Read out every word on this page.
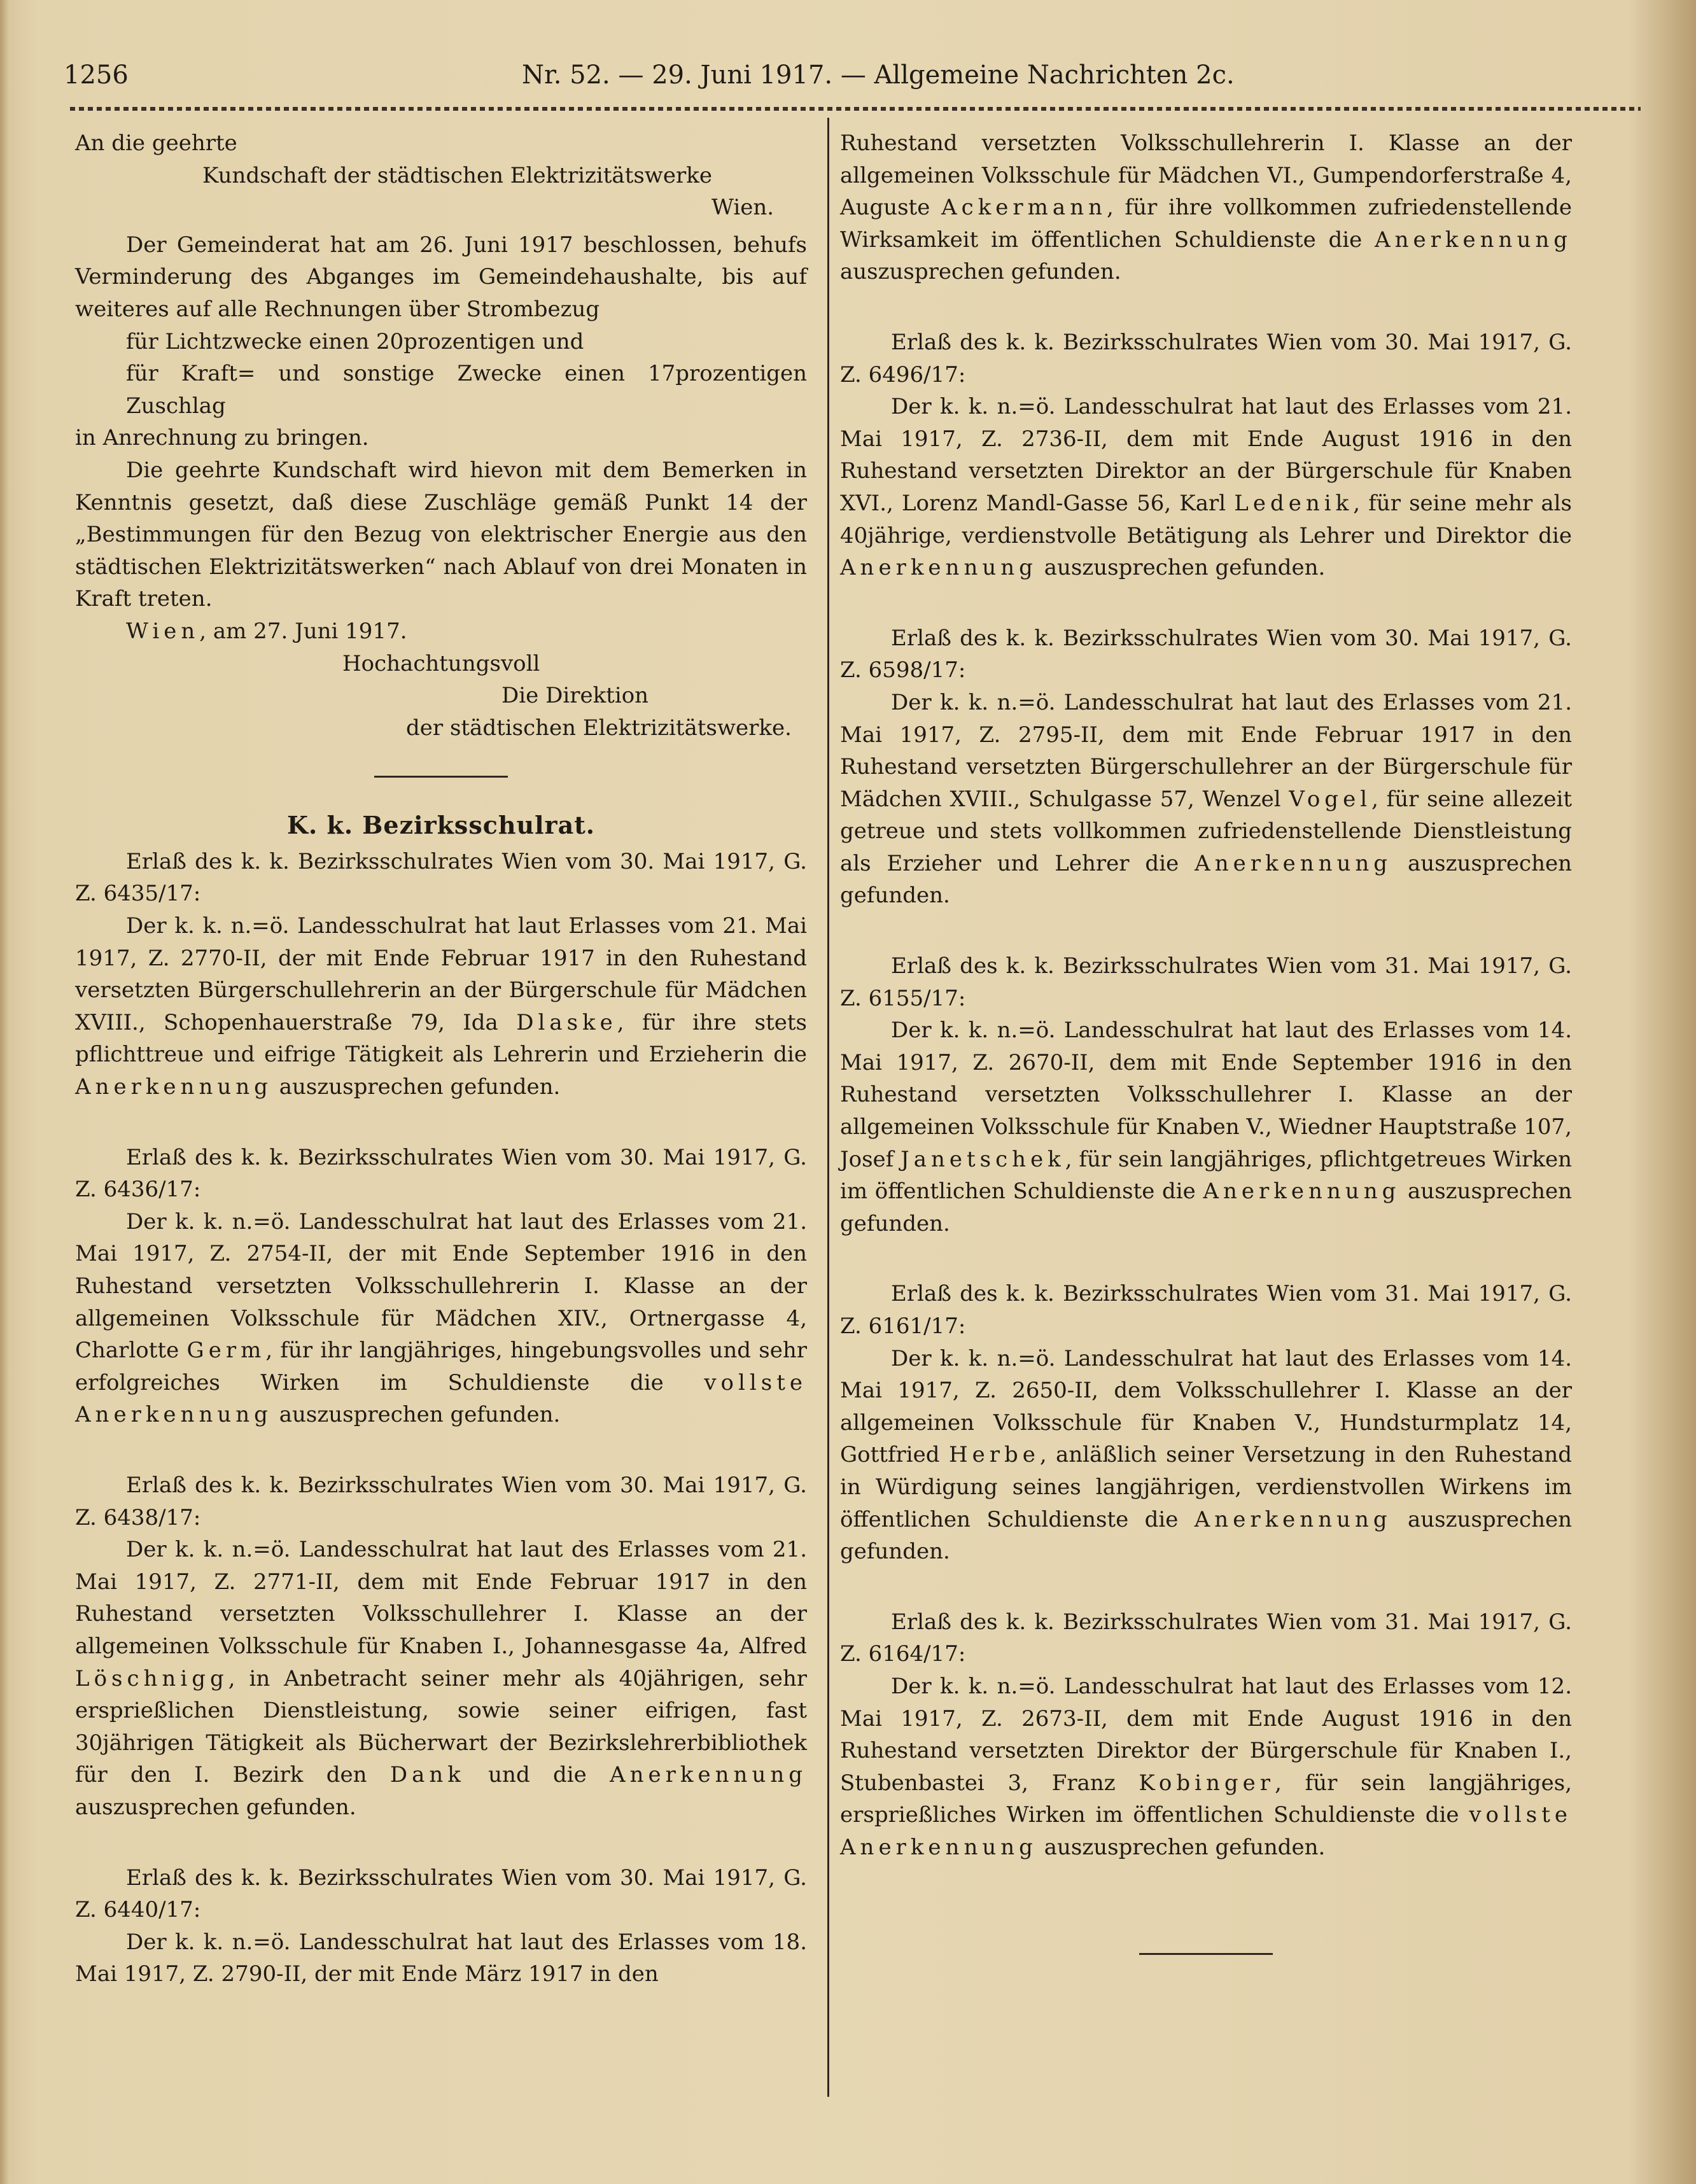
1256	Nr. 52. — 29. Juni 1917. — Allgemeine Nachrichten 2c.
An die geehrte
Kundschaft der städtischen Elektrizitätswerke
Wien.

Der Gemeinderat hat am 26. Juni 1917 beschlossen, behufs Verminderung des Abganges im Gemeindehaushalte, bis auf weiteres auf alle Rechnungen über Strombezug

für Lichtzwecke einen 20prozentigen und
für Kraft= und sonstige Zwecke einen 17prozentigen Zuschlag

in Anrechnung zu bringen.

Die geehrte Kundschaft wird hievon mit dem Bemerken in Kenntnis gesetzt, daß diese Zuschläge gemäß Punkt 14 der „Bestimmungen für den Bezug von elektrischer Energie aus den städtischen Elektrizitätswerken“ nach Ablauf von drei Monaten in Kraft treten.

Wien, am 27. Juni 1917.

Hochachtungsvoll
Die Direktion
der städtischen Elektrizitätswerke.
K. k. Bezirksschulrat.

Erlaß des k. k. Bezirksschulrates Wien vom 30. Mai 1917, G. Z. 6435/17:

Der k. k. n.=ö. Landesschulrat hat laut Erlasses vom 21. Mai 1917, Z. 2770-II, der mit Ende Februar 1917 in den Ruhestand versetzten Bürgerschullehrerin an der Bürgerschule für Mädchen XVIII., Schopenhauerstraße 79, Ida Dlaske, für ihre stets pflichttreue und eifrige Tätigkeit als Lehrerin und Erzieherin die Anerkennung auszusprechen gefunden.

Erlaß des k. k. Bezirksschulrates Wien vom 30. Mai 1917, G. Z. 6436/17:

Der k. k. n.=ö. Landesschulrat hat laut des Erlasses vom 21. Mai 1917, Z. 2754-II, der mit Ende September 1916 in den Ruhestand versetzten Volksschullehrerin I. Klasse an der allgemeinen Volksschule für Mädchen XIV., Ortnergasse 4, Charlotte Germ, für ihr langjähriges, hingebungsvolles und sehr erfolgreiches Wirken im Schuldienste die vollste Anerkennung auszusprechen gefunden.

Erlaß des k. k. Bezirksschulrates Wien vom 30. Mai 1917, G. Z. 6438/17:

Der k. k. n.=ö. Landesschulrat hat laut des Erlasses vom 21. Mai 1917, Z. 2771-II, dem mit Ende Februar 1917 in den Ruhestand versetzten Volksschullehrer I. Klasse an der allgemeinen Volksschule für Knaben I., Johannesgasse 4a, Alfred Löschnigg, in Anbetracht seiner mehr als 40jährigen, sehr ersprießlichen Dienstleistung, sowie seiner eifrigen, fast 30jährigen Tätigkeit als Bücherwart der Bezirkslehrerbibliothek für den I. Bezirk den Dank und die Anerkennung auszusprechen gefunden.

Erlaß des k. k. Bezirksschulrates Wien vom 30. Mai 1917, G. Z. 6440/17:

Der k. k. n.=ö. Landesschulrat hat laut des Erlasses vom 18. Mai 1917, Z. 2790-II, der mit Ende März 1917 in den

Ruhestand versetzten Volksschullehrerin I. Klasse an der allgemeinen Volksschule für Mädchen VI., Gumpendorferstraße 4, Auguste Ackermann, für ihre vollkommen zufriedenstellende Wirksamkeit im öffentlichen Schuldienste die Anerkennung auszusprechen gefunden.

Erlaß des k. k. Bezirksschulrates Wien vom 30. Mai 1917, G. Z. 6496/17:

Der k. k. n.=ö. Landesschulrat hat laut des Erlasses vom 21. Mai 1917, Z. 2736-II, dem mit Ende August 1916 in den Ruhestand versetzten Direktor an der Bürgerschule für Knaben XVI., Lorenz Mandl-Gasse 56, Karl Ledenik, für seine mehr als 40jährige, verdienstvolle Betätigung als Lehrer und Direktor die Anerkennung auszusprechen gefunden.

Erlaß des k. k. Bezirksschulrates Wien vom 30. Mai 1917, G. Z. 6598/17:

Der k. k. n.=ö. Landesschulrat hat laut des Erlasses vom 21. Mai 1917, Z. 2795-II, dem mit Ende Februar 1917 in den Ruhestand versetzten Bürgerschullehrer an der Bürgerschule für Mädchen XVIII., Schulgasse 57, Wenzel Vogel, für seine allezeit getreue und stets vollkommen zufriedenstellende Dienstleistung als Erzieher und Lehrer die Anerkennung auszusprechen gefunden.

Erlaß des k. k. Bezirksschulrates Wien vom 31. Mai 1917, G. Z. 6155/17:

Der k. k. n.=ö. Landesschulrat hat laut des Erlasses vom 14. Mai 1917, Z. 2670-II, dem mit Ende September 1916 in den Ruhestand versetzten Volksschullehrer I. Klasse an der allgemeinen Volksschule für Knaben V., Wiedner Hauptstraße 107, Josef Janetschek, für sein langjähriges, pflichtgetreues Wirken im öffentlichen Schuldienste die Anerkennung auszusprechen gefunden.

Erlaß des k. k. Bezirksschulrates Wien vom 31. Mai 1917, G. Z. 6161/17:

Der k. k. n.=ö. Landesschulrat hat laut des Erlasses vom 14. Mai 1917, Z. 2650-II, dem Volksschullehrer I. Klasse an der allgemeinen Volksschule für Knaben V., Hundsturmplatz 14, Gottfried Herbe, anläßlich seiner Versetzung in den Ruhestand in Würdigung seines langjährigen, verdienstvollen Wirkens im öffentlichen Schuldienste die Anerkennung auszusprechen gefunden.

Erlaß des k. k. Bezirksschulrates Wien vom 31. Mai 1917, G. Z. 6164/17:

Der k. k. n.=ö. Landesschulrat hat laut des Erlasses vom 12. Mai 1917, Z. 2673-II, dem mit Ende August 1916 in den Ruhestand versetzten Direktor der Bürgerschule für Knaben I., Stubenbastei 3, Franz Kobinger, für sein langjähriges, ersprießliches Wirken im öffentlichen Schuldienste die vollste Anerkennung auszusprechen gefunden.
